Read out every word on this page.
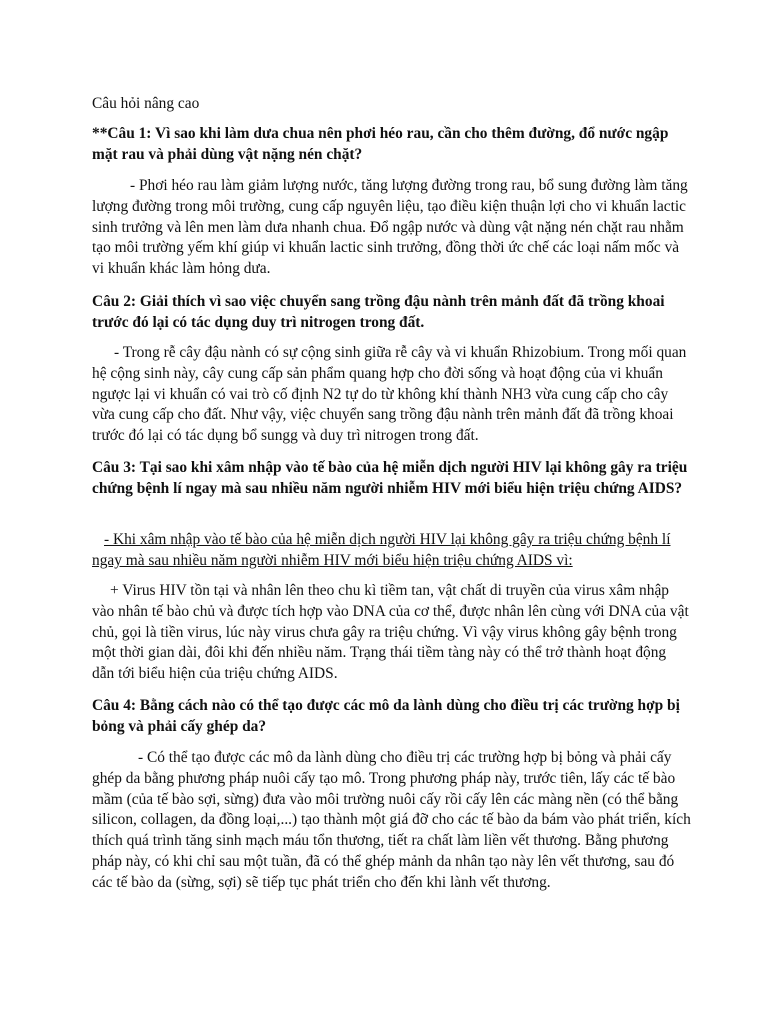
Câu hỏi nâng cao
**Câu 1: Vì sao khi làm dưa chua nên phơi héo rau, cần cho thêm đường, đổ nước ngập mặt rau và phải dùng vật nặng nén chặt?
- Phơi héo rau làm giảm lượng nước, tăng lượng đường trong rau, bổ sung đường làm tăng lượng đường trong môi trường, cung cấp nguyên liệu, tạo điều kiện thuận lợi cho vi khuẩn lactic sinh trưởng và lên men làm dưa nhanh chua. Đổ ngập nước và dùng vật nặng nén chặt rau nhằm tạo môi trường yếm khí giúp vi khuẩn lactic sinh trưởng, đồng thời ức chế các loại nấm mốc và vi khuẩn khác làm hỏng dưa.
Câu 2: Giải thích vì sao việc chuyển sang trồng đậu nành trên mảnh đất đã trồng khoai trước đó lại có tác dụng duy trì nitrogen trong đất.
- Trong rễ cây đậu nành có sự cộng sinh giữa rễ cây và vi khuẩn Rhizobium. Trong mối quan hệ cộng sinh này, cây cung cấp sản phẩm quang hợp cho đời sống và hoạt động của vi khuẩn ngược lại vi khuẩn có vai trò cố định N2 tự do từ không khí thành NH3 vừa cung cấp cho cây vừa cung cấp cho đất. Như vậy, việc chuyển sang trồng đậu nành trên mảnh đất đã trồng khoai trước đó lại có tác dụng bổ sungg và duy trì nitrogen trong đất.
Câu 3: Tại sao khi xâm nhập vào tế bào của hệ miễn dịch người HIV lại không gây ra triệu chứng bệnh lí ngay mà sau nhiều năm người nhiễm HIV mới biểu hiện triệu chứng AIDS?
- Khi xâm nhập vào tế bào của hệ miễn dịch người HIV lại không gây ra triệu chứng bệnh lí ngay mà sau nhiều năm người nhiễm HIV mới biểu hiện triệu chứng AIDS vì:
+ Virus HIV tồn tại và nhân lên theo chu kì tiềm tan, vật chất di truyền của virus xâm nhập vào nhân tế bào chủ và được tích hợp vào DNA của cơ thể, được nhân lên cùng với DNA của vật chủ, gọi là tiền virus, lúc này virus chưa gây ra triệu chứng. Vì vậy virus không gây bệnh trong một thời gian dài, đôi khi đến nhiều năm. Trạng thái tiềm tàng này có thể trở thành hoạt động dẫn tới biểu hiện của triệu chứng AIDS.
Câu 4: Bằng cách nào có thể tạo được các mô da lành dùng cho điều trị các trường hợp bị bỏng và phải cấy ghép da?
- Có thể tạo được các mô da lành dùng cho điều trị các trường hợp bị bỏng và phải cấy ghép da bằng phương pháp nuôi cấy tạo mô. Trong phương pháp này, trước tiên, lấy các tế bào mầm (của tế bào sợi, sừng) đưa vào môi trường nuôi cấy rồi cấy lên các màng nền (có thể bằng silicon, collagen, da đồng loại,...) tạo thành một giá đỡ cho các tế bào da bám vào phát triển, kích thích quá trình tăng sinh mạch máu tổn thương, tiết ra chất làm liền vết thương. Bằng phương pháp này, có khi chỉ sau một tuần, đã có thể ghép mảnh da nhân tạo này lên vết thương, sau đó các tế bào da (sừng, sợi) sẽ tiếp tục phát triển cho đến khi lành vết thương.
